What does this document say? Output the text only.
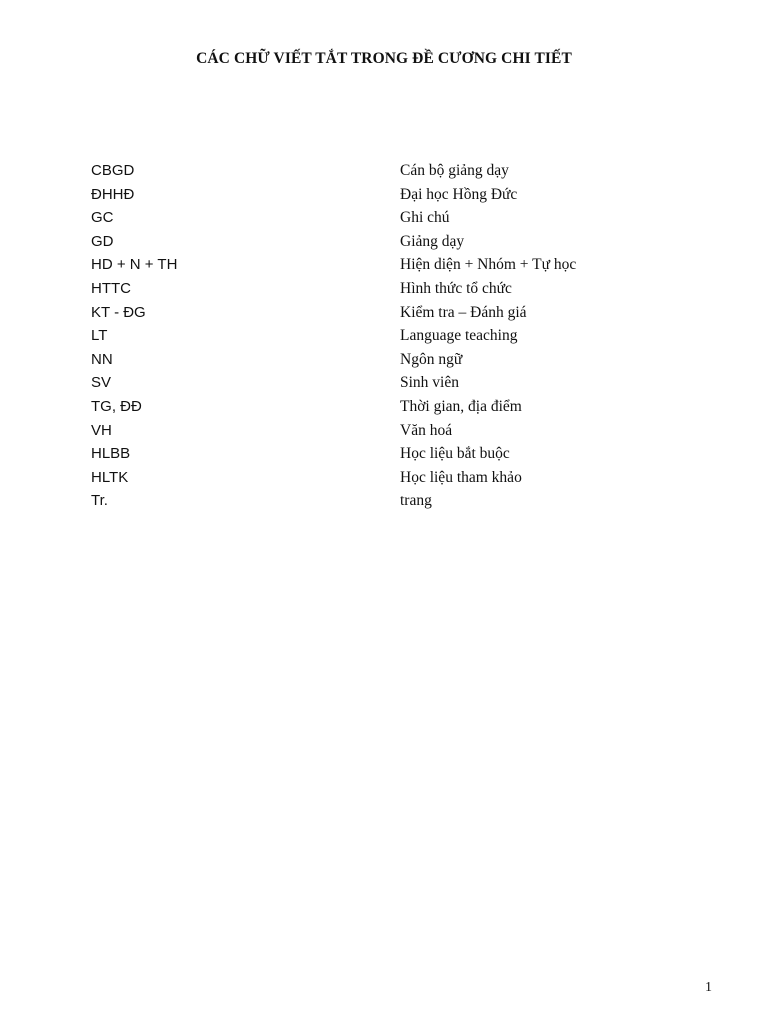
CÁC CHỮ VIẾT TẮT TRONG ĐỀ CƯƠNG CHI TIẾT
CBGD	Cán bộ giảng dạy
ĐHHĐ	Đại học Hồng Đức
GC	Ghi chú
GD	Giảng dạy
HD + N + TH	Hiện diện + Nhóm + Tự học
HTTC	Hình thức tổ chức
KT - ĐG	Kiểm tra – Đánh giá
LT	Language teaching
NN	Ngôn ngữ
SV	Sinh viên
TG, ĐĐ	Thời gian, địa điểm
VH	Văn hoá
HLBB	Học liệu bắt buộc
HLTK	Học liệu tham khảo
Tr.	trang
1
